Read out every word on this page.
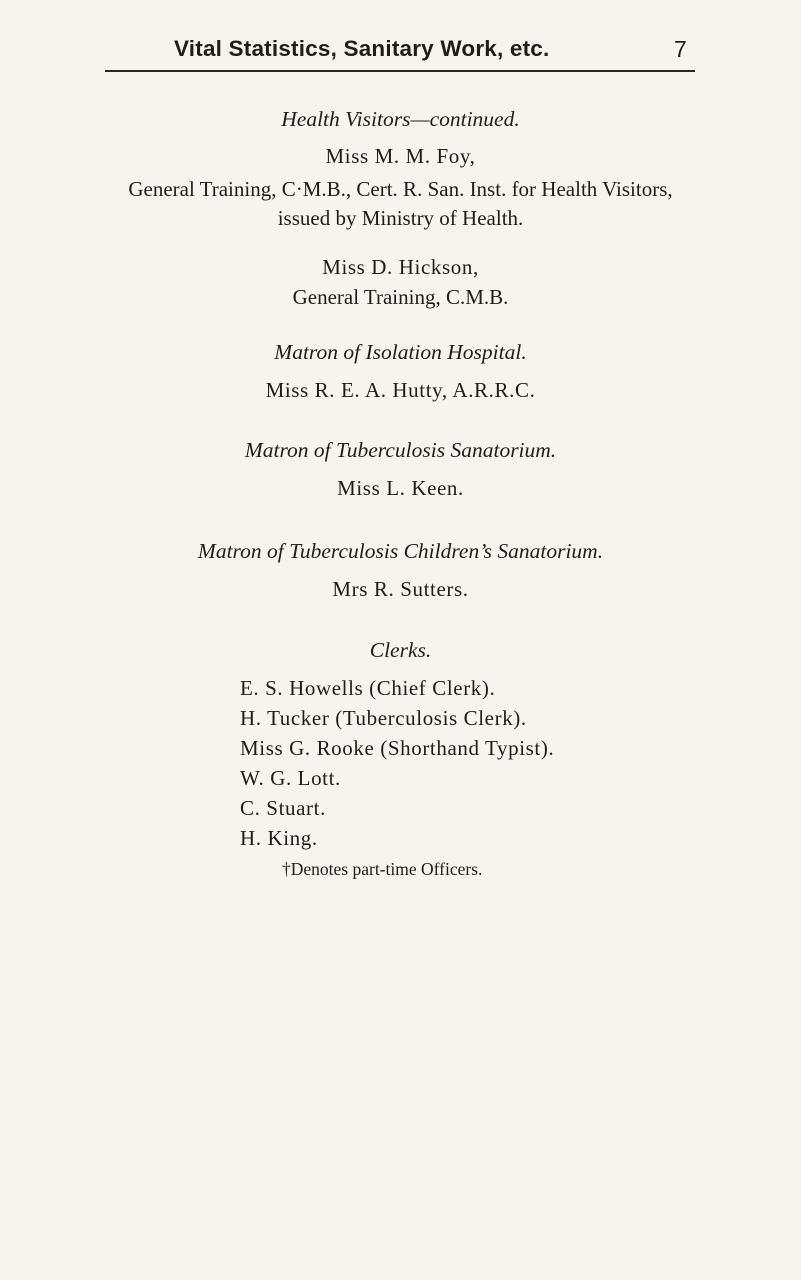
Vital Statistics, Sanitary Work, etc.	7
Health Visitors—continued.
Miss M. M. Foy,
General Training, C·M.B., Cert. R. San. Inst. for Health Visitors,
issued by Ministry of Health.
Miss D. Hickson,
General Training, C.M.B.
Matron of Isolation Hospital.
Miss R. E. A. Hutty, A.R.R.C.
Matron of Tuberculosis Sanatorium.
Miss L. Keen.
Matron of Tuberculosis Children’s Sanatorium.
Mrs R. Sutters.
Clerks.
E. S. Howells (Chief Clerk).
H. Tucker (Tuberculosis Clerk).
Miss G. Rooke (Shorthand Typist).
W. G. Lott.
C. Stuart.
H. King.
†Denotes part-time Officers.
